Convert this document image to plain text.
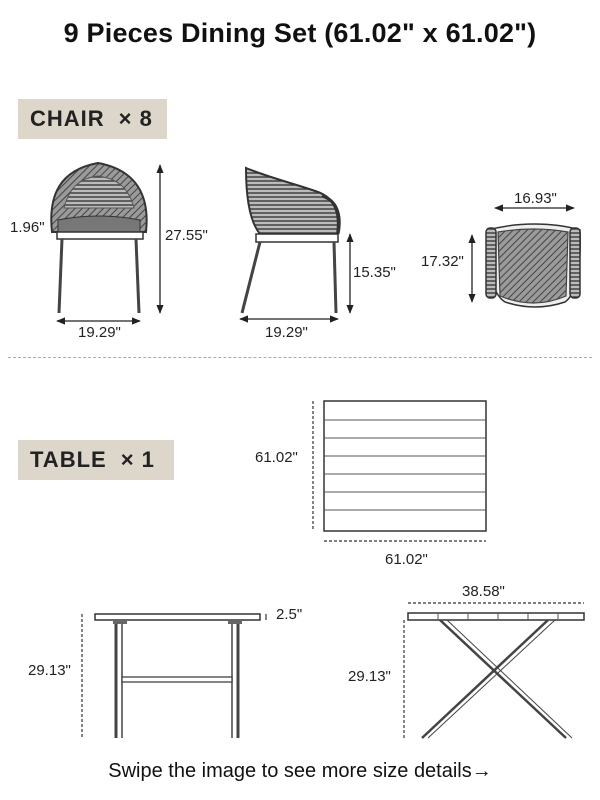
9 Pieces Dining Set (61.02" x 61.02")
CHAIR × 8
TABLE × 1
1.96"	27.55"
19.29"	19.29"
15.35"
16.93"
17.32"
61.02"
61.02"
2.5"
29.13"	29.13"
38.58"
Swipe the image to see more size details→
